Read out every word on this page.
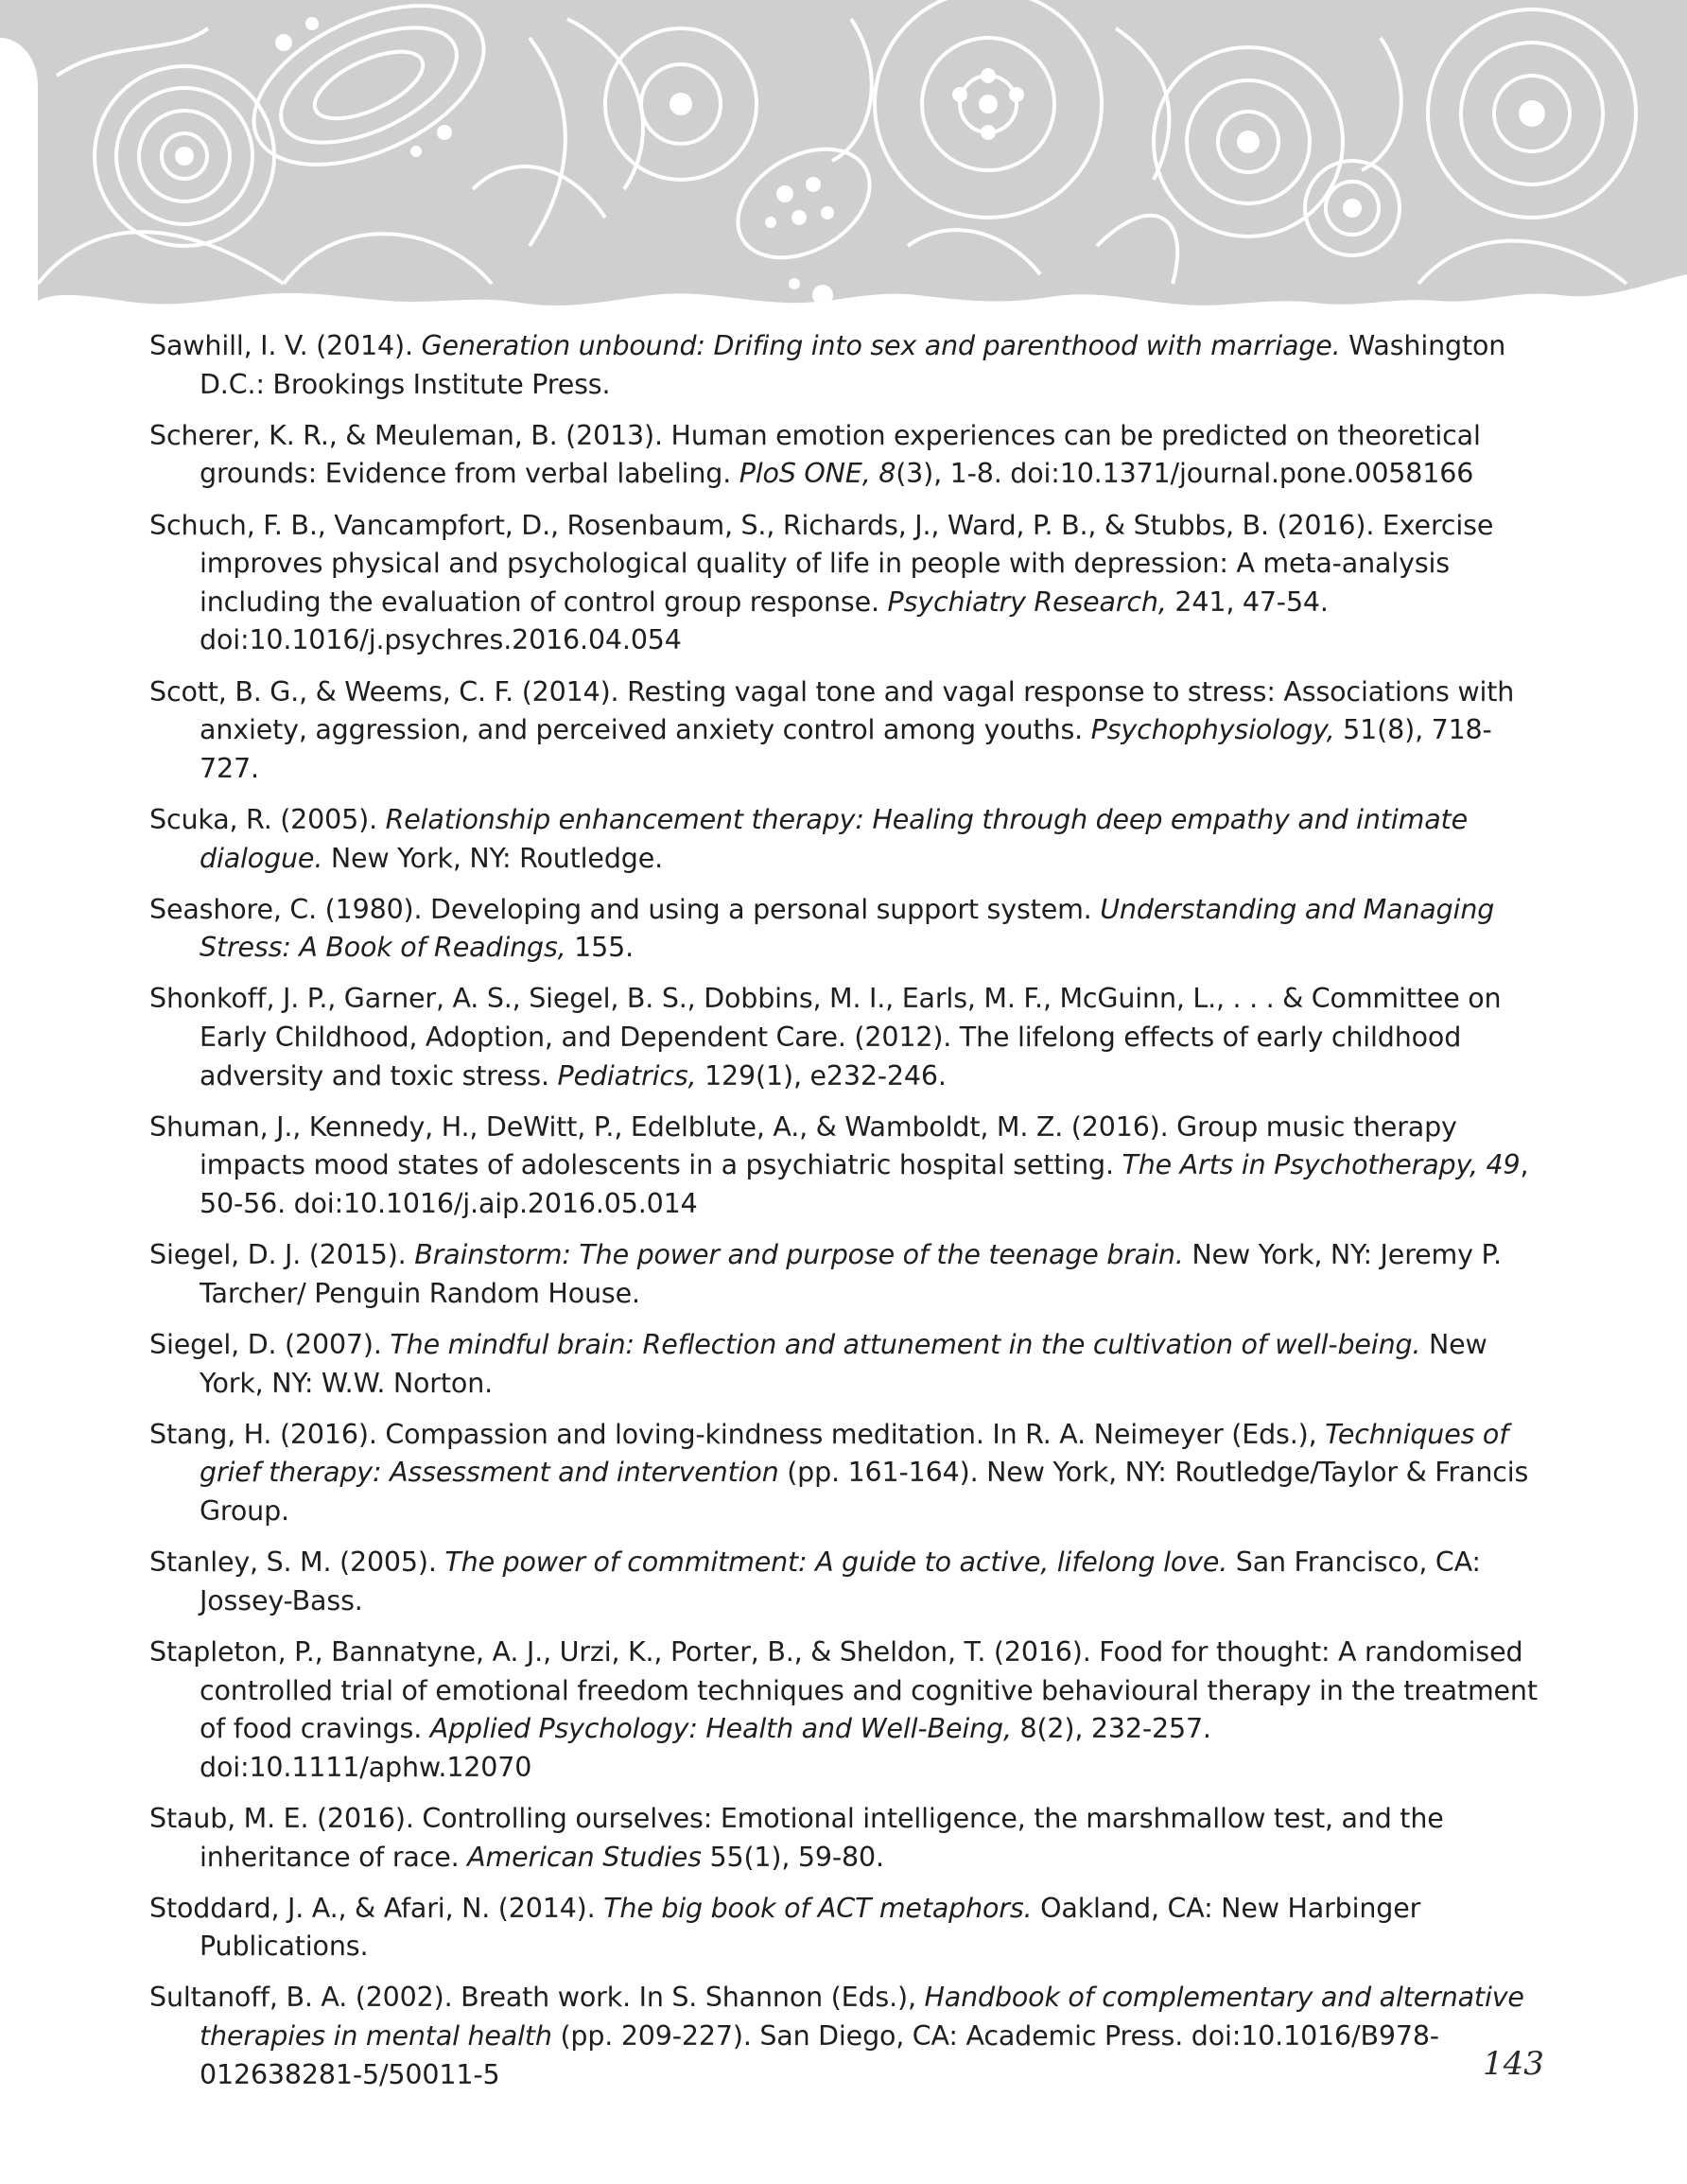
Sawhill, I. V. (2014). Generation unbound: Drifing into sex and parenthood with marriage. Washington D.C.: Brookings Institute Press.

Scherer, K. R., & Meuleman, B. (2013). Human emotion experiences can be predicted on theoretical grounds: Evidence from verbal labeling. PloS ONE, 8(3), 1-8. doi:10.1371/journal.pone.0058166

Schuch, F. B., Vancampfort, D., Rosenbaum, S., Richards, J., Ward, P. B., & Stubbs, B. (2016). Exercise improves physical and psychological quality of life in people with depression: A meta-analysis including the evaluation of control group response. Psychiatry Research, 241, 47-54. doi:10.1016/j.psychres.2016.04.054

Scott, B. G., & Weems, C. F. (2014). Resting vagal tone and vagal response to stress: Associations with anxiety, aggression, and perceived anxiety control among youths. Psychophysiology, 51(8), 718-727.

Scuka, R. (2005). Relationship enhancement therapy: Healing through deep empathy and intimate dialogue. New York, NY: Routledge.

Seashore, C. (1980). Developing and using a personal support system. Understanding and Managing Stress: A Book of Readings, 155.

Shonkoff, J. P., Garner, A. S., Siegel, B. S., Dobbins, M. I., Earls, M. F., McGuinn, L., . . . & Committee on Early Childhood, Adoption, and Dependent Care. (2012). The lifelong effects of early childhood adversity and toxic stress. Pediatrics, 129(1), e232-246.

Shuman, J., Kennedy, H., DeWitt, P., Edelblute, A., & Wamboldt, M. Z. (2016). Group music therapy impacts mood states of adolescents in a psychiatric hospital setting. The Arts in Psychotherapy, 49, 50-56. doi:10.1016/j.aip.2016.05.014

Siegel, D. J. (2015). Brainstorm: The power and purpose of the teenage brain. New York, NY: Jeremy P. Tarcher/ Penguin Random House.

Siegel, D. (2007). The mindful brain: Reflection and attunement in the cultivation of well-being. New York, NY: W.W. Norton.

Stang, H. (2016). Compassion and loving-kindness meditation. In R. A. Neimeyer (Eds.), Techniques of grief therapy: Assessment and intervention (pp. 161-164). New York, NY: Routledge/Taylor & Francis Group.

Stanley, S. M. (2005). The power of commitment: A guide to active, lifelong love. San Francisco, CA: Jossey-Bass.

Stapleton, P., Bannatyne, A. J., Urzi, K., Porter, B., & Sheldon, T. (2016). Food for thought: A randomised controlled trial of emotional freedom techniques and cognitive behavioural therapy in the treatment of food cravings. Applied Psychology: Health and Well-Being, 8(2), 232-257. doi:10.1111/aphw.12070

Staub, M. E. (2016). Controlling ourselves: Emotional intelligence, the marshmallow test, and the inheritance of race. American Studies 55(1), 59-80.

Stoddard, J. A., & Afari, N. (2014). The big book of ACT metaphors. Oakland, CA: New Harbinger Publications.

Sultanoff, B. A. (2002). Breath work. In S. Shannon (Eds.), Handbook of complementary and alternative therapies in mental health (pp. 209-227). San Diego, CA: Academic Press. doi:10.1016/B978-012638281-5/50011-5	143
